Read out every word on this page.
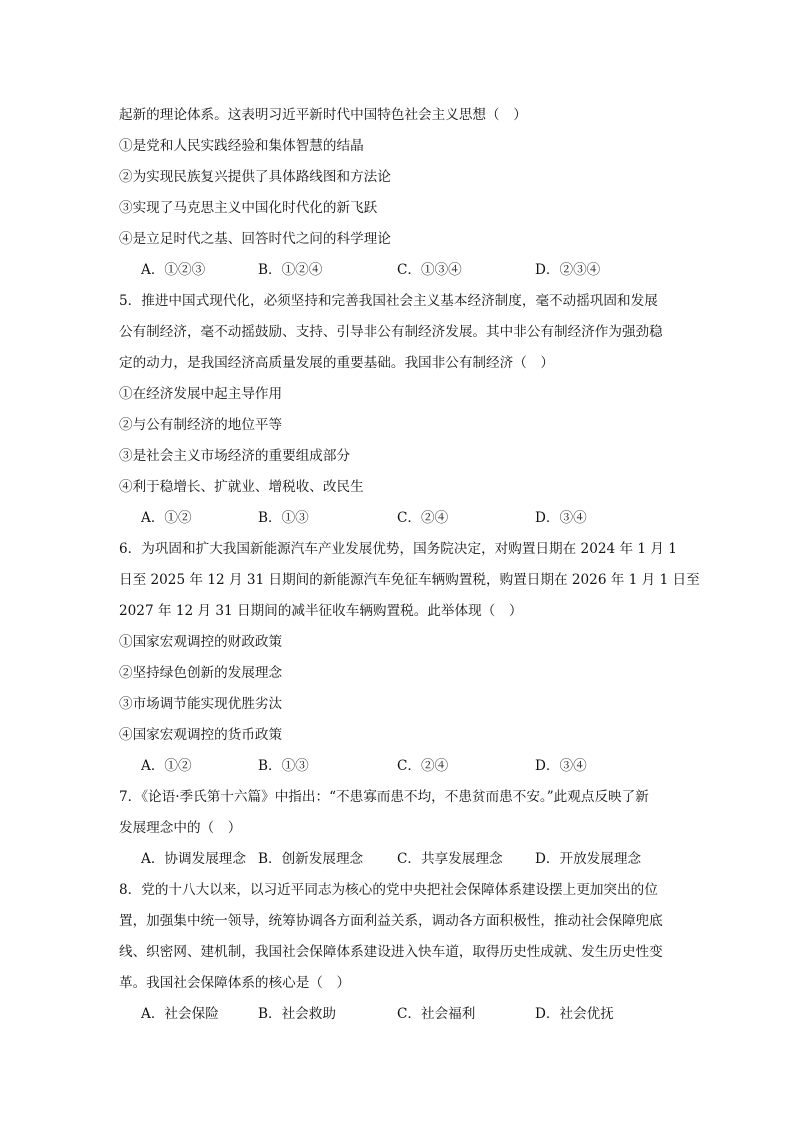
起新的理论体系。这表明习近平新时代中国特色社会主义思想（　）
①是党和人民实践经验和集体智慧的结晶
②为实现民族复兴提供了具体路线图和方法论
③实现了马克思主义中国化时代化的新飞跃
④是立足时代之基、回答时代之问的科学理论
A．①②③	B．①②④	C．①③④	D．②③④
5．推进中国式现代化，必须坚持和完善我国社会主义基本经济制度，毫不动摇巩固和发展
公有制经济，毫不动摇鼓励、支持、引导非公有制经济发展。其中非公有制经济作为强劲稳
定的动力，是我国经济高质量发展的重要基础。我国非公有制经济（　）
①在经济发展中起主导作用
②与公有制经济的地位平等
③是社会主义市场经济的重要组成部分
④利于稳增长、扩就业、增税收、改民生
A．①②	B．①③	C．②④	D．③④
6．为巩固和扩大我国新能源汽车产业发展优势，国务院决定，对购置日期在 2024 年 1 月 1
日至 2025 年 12 月 31 日期间的新能源汽车免征车辆购置税，购置日期在 2026 年 1 月 1 日至
2027 年 12 月 31 日期间的减半征收车辆购置税。此举体现（　）
①国家宏观调控的财政政策
②坚持绿色创新的发展理念
③市场调节能实现优胜劣汰
④国家宏观调控的货币政策
A．①②	B．①③	C．②④	D．③④
7．《论语·季氏第十六篇》中指出：“不患寡而患不均，不患贫而患不安。”此观点反映了新
发展理念中的（　）
A．协调发展理念 B．创新发展理念 C．共享发展理念 D．开放发展理念
8．党的十八大以来，以习近平同志为核心的党中央把社会保障体系建设摆上更加突出的位
置，加强集中统一领导，统筹协调各方面利益关系，调动各方面积极性，推动社会保障兜底
线、织密网、建机制，我国社会保障体系建设进入快车道，取得历史性成就、发生历史性变
革。我国社会保障体系的核心是（　）
A．社会保险	B．社会救助	C．社会福利	D．社会优抚
